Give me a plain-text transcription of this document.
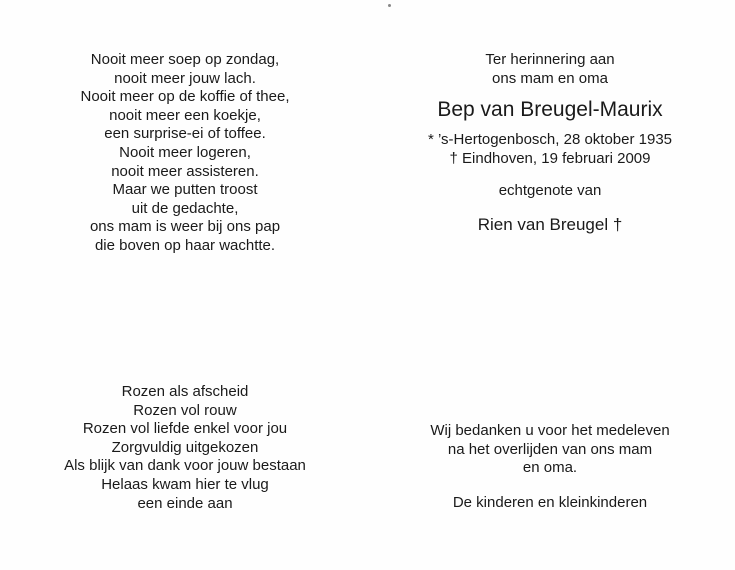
Nooit meer soep op zondag,
nooit meer jouw lach.
Nooit meer op de koffie of thee,
nooit meer een koekje,
een surprise-ei of toffee.
Nooit meer logeren,
nooit meer assisteren.
Maar we putten troost
uit de gedachte,
ons mam is weer bij ons pap
die boven op haar wachtte.
Ter herinnering aan
ons mam en oma
Bep van Breugel-Maurix
* ’s-Hertogenbosch, 28 oktober 1935
† Eindhoven, 19 februari 2009
echtgenote van
Rien van Breugel †
Rozen als afscheid
Rozen vol rouw
Rozen vol liefde enkel voor jou
Zorgvuldig uitgekozen
Als blijk van dank voor jouw bestaan
Helaas kwam hier te vlug
een einde aan
Wij bedanken u voor het medeleven
na het overlijden van ons mam
en oma.
De kinderen en kleinkinderen
